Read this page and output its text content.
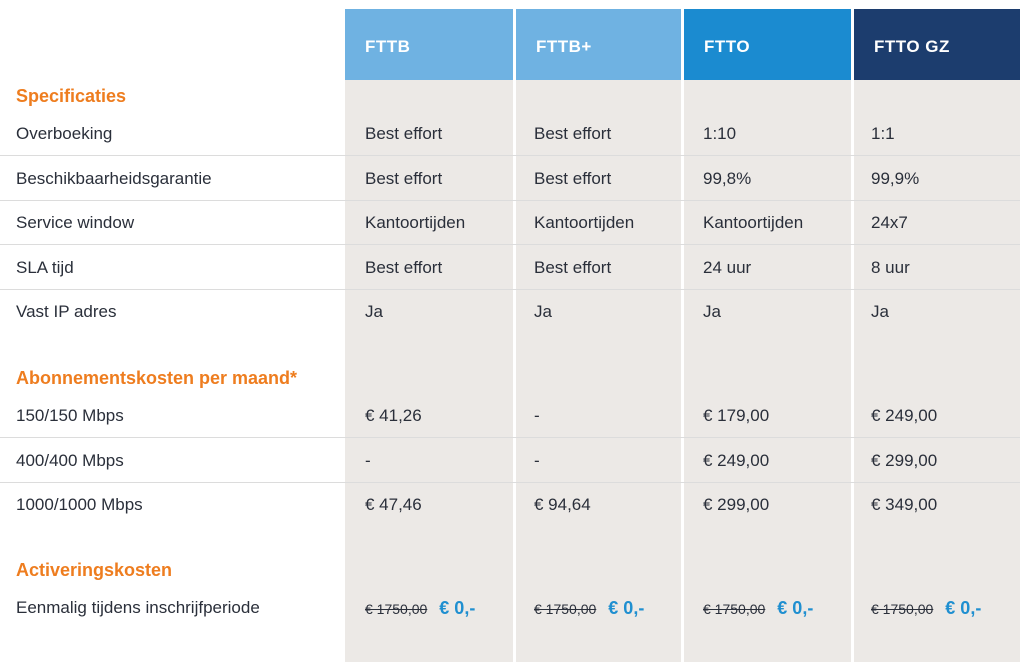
FTTB	FTTB+	FTTO	FTTO GZ
Specificaties
Overboeking	Best effort	Best effort	1:10	1:1
Beschikbaarheidsgarantie	Best effort	Best effort	99,8%	99,9%
Service window	Kantoortijden	Kantoortijden	Kantoortijden	24x7
SLA tijd	Best effort	Best effort	24 uur	8 uur
Vast IP adres	Ja	Ja	Ja	Ja
Abonnementskosten per maand*
150/150 Mbps	€ 41,26	-	€ 179,00	€ 249,00
400/400 Mbps	-	-	€ 249,00	€ 299,00
1000/1000 Mbps	€ 47,46	€ 94,64	€ 299,00	€ 349,00
Activeringskosten
Eenmalig tijdens inschrijfperiode	€ 1750,00 € 0,-	€ 1750,00 € 0,-	€ 1750,00 € 0,-	€ 1750,00 € 0,-
